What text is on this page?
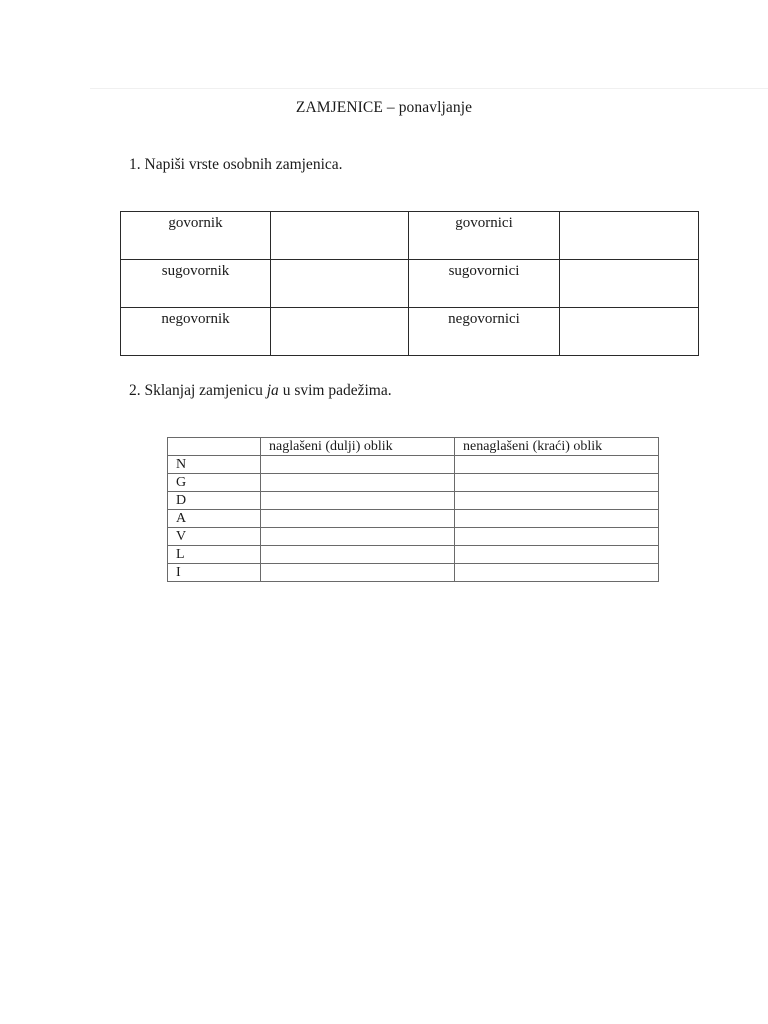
ZAMJENICE – ponavljanje
1. Napiši vrste osobnih zamjenica.
govornik		govornici	
sugovornik		sugovornici	
negovornik		negovornici	
2. Sklanjaj zamjenicu ja u svim padežima.
	naglašeni (dulji) oblik	nenaglašeni (kraći) oblik
N		
G		
D		
A		
V		
L		
I		
